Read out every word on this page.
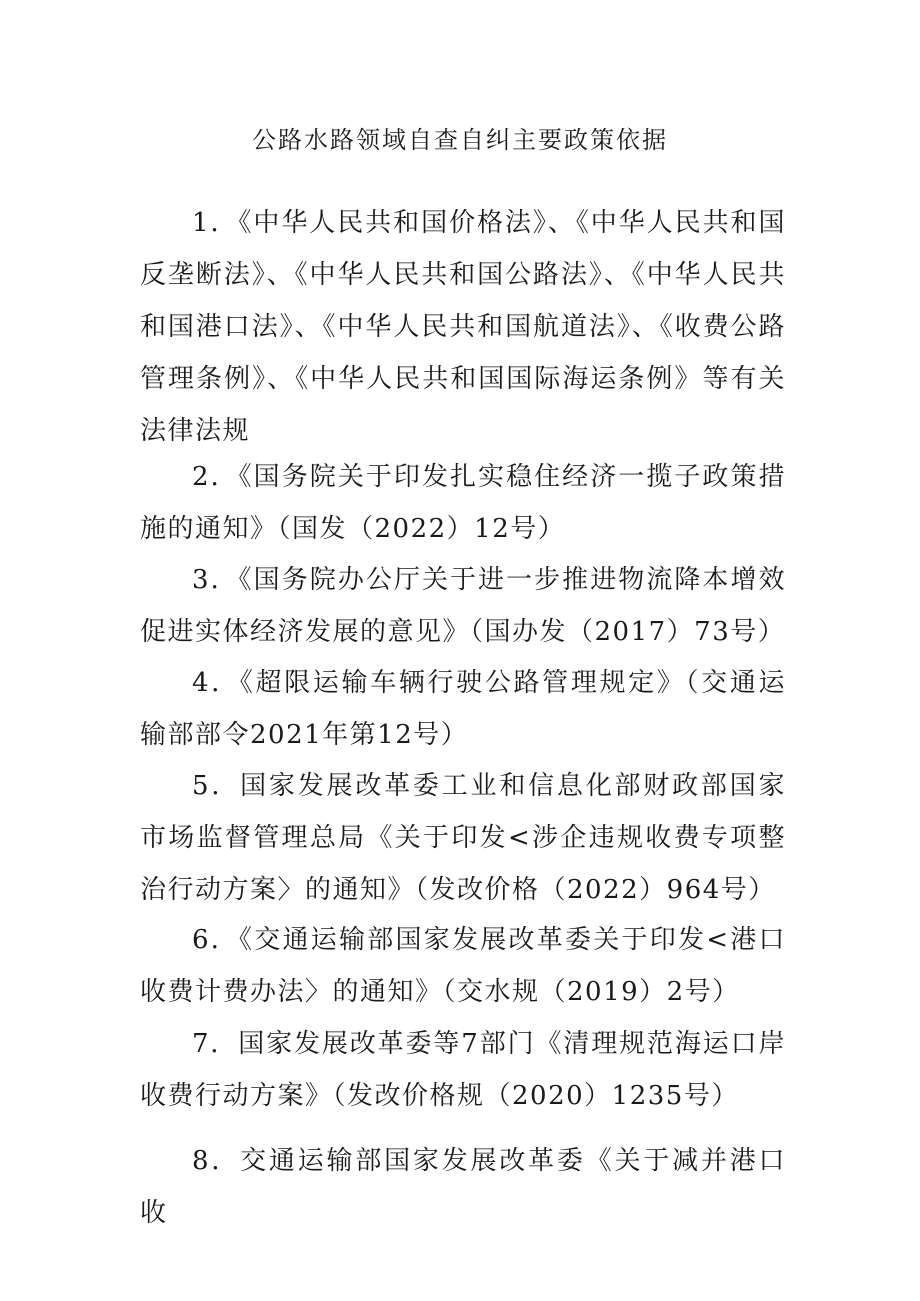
公路水路领域自查自纠主要政策依据

1．《中华人民共和国价格法》、《中华人民共和国反垄断法》、《中华人民共和国公路法》、《中华人民共和国港口法》、《中华人民共和国航道法》、《收费公路管理条例》、《中华人民共和国国际海运条例》等有关法律法规

2．《国务院关于印发扎实稳住经济一揽子政策措施的通知》（国发（2022）12号）

3．《国务院办公厅关于进一步推进物流降本增效促进实体经济发展的意见》（国办发（2017）73号）

4．《超限运输车辆行驶公路管理规定》（交通运输部部令2021年第12号）

5．国家发展改革委工业和信息化部财政部国家市场监督管理总局《关于印发<涉企违规收费专项整治行动方案〉的通知》（发改价格（2022）964号）

6．《交通运输部国家发展改革委关于印发<港口收费计费办法〉的通知》（交水规（2019）2号）

7．国家发展改革委等7部门《清理规范海运口岸收费行动方案》（发改价格规（2020）1235号）

8．交通运输部国家发展改革委《关于减并港口收
